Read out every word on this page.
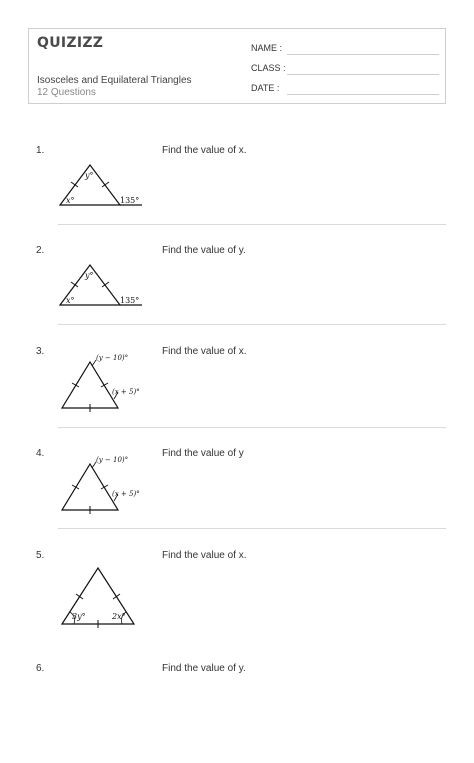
QUIZIZZ
Isosceles and Equilateral Triangles
12 Questions
NAME :
CLASS :
DATE :
1.	Find the value of x.
y°
x°	135°
2.	Find the value of y.
y°
x°	135°
3.	Find the value of x.
(y − 10)°
(x + 5)°
4.	Find the value of y
(y − 10)°
(x + 5)°
5.	Find the value of x.
3y°	2x°
6.	Find the value of y.
